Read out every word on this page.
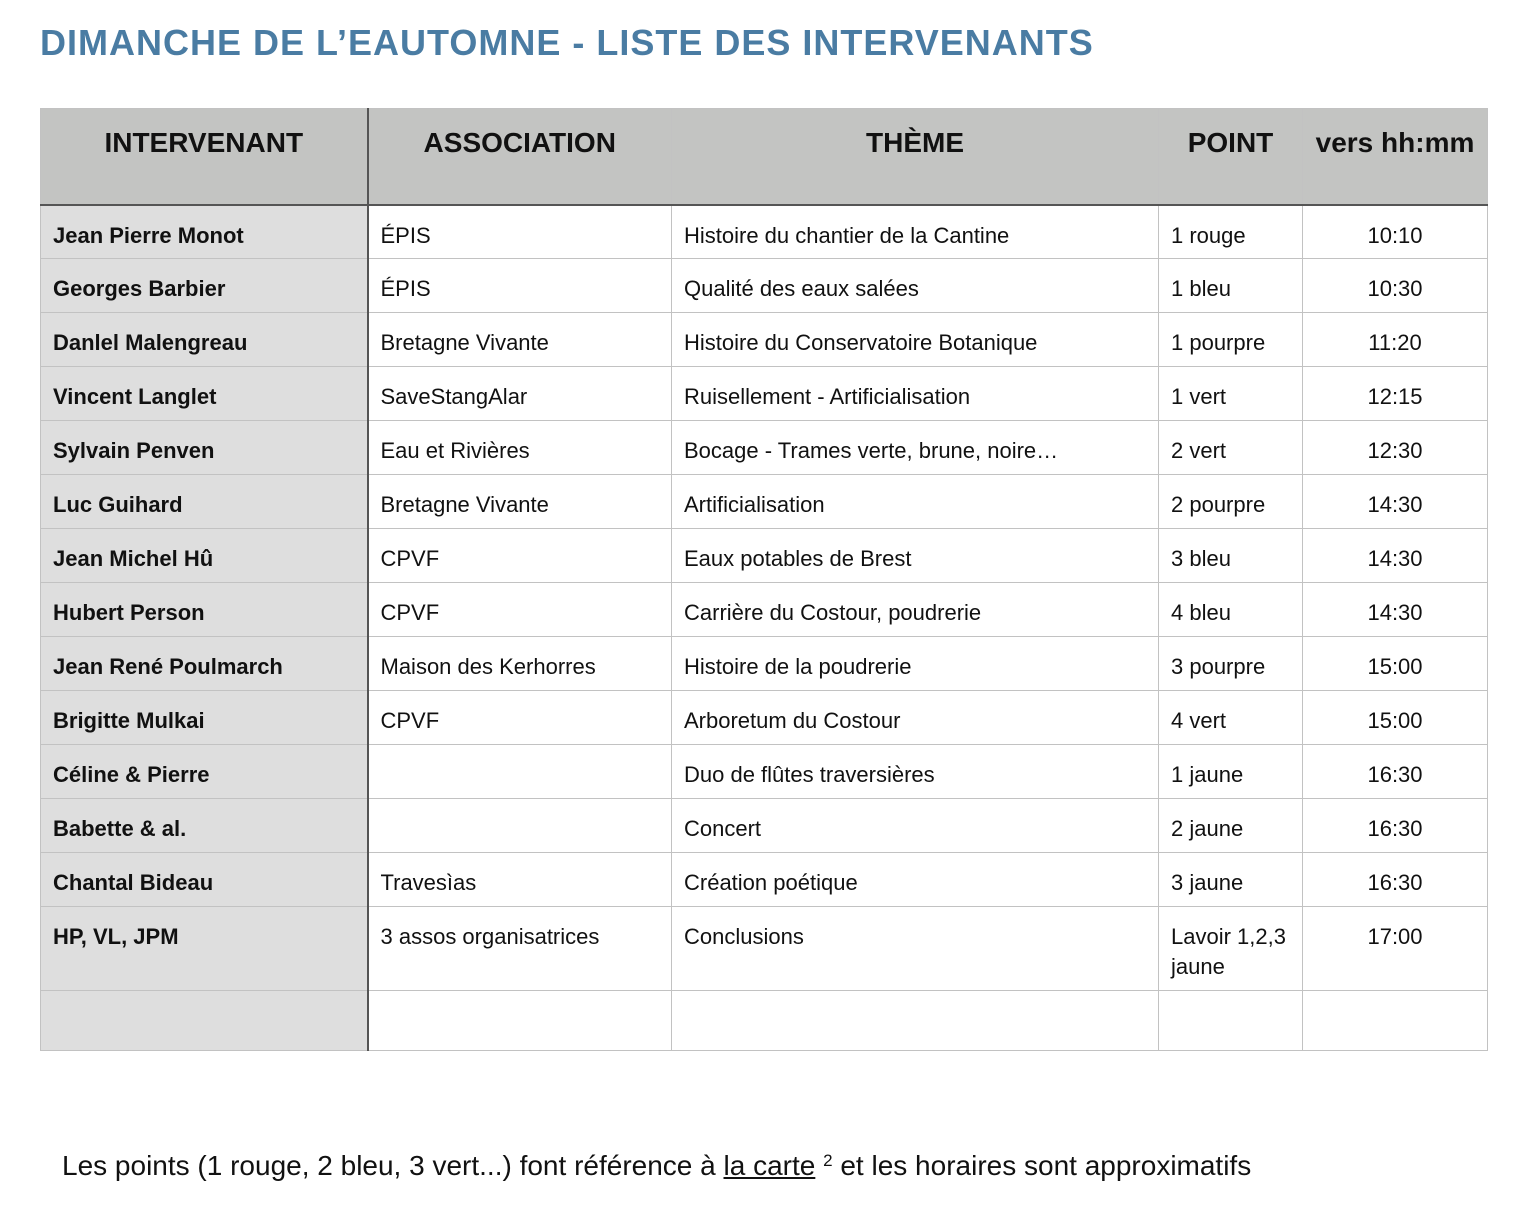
DIMANCHE DE L’EAUTOMNE - LISTE DES INTERVENANTS
INTERVENANT	ASSOCIATION	THÈME	POINT	vers hh:mm
Jean Pierre Monot	ÉPIS	Histoire du chantier de la Cantine	1 rouge	10:10
Georges Barbier	ÉPIS	Qualité des eaux salées	1 bleu	10:30
Danlel Malengreau	Bretagne Vivante	Histoire du Conservatoire Botanique	1 pourpre	11:20
Vincent Langlet	SaveStangAlar	Ruisellement - Artificialisation	1 vert	12:15
Sylvain Penven	Eau et Rivières	Bocage - Trames verte, brune, noire…	2 vert	12:30
Luc Guihard	Bretagne Vivante	Artificialisation	2 pourpre	14:30
Jean Michel Hû	CPVF	Eaux potables de Brest	3 bleu	14:30
Hubert Person	CPVF	Carrière du Costour, poudrerie	4 bleu	14:30
Jean René Poulmarch	Maison des Kerhorres	Histoire de la poudrerie	3 pourpre	15:00
Brigitte Mulkai	CPVF	Arboretum du Costour	4 vert	15:00
Céline & Pierre		Duo de flûtes traversières	1 jaune	16:30
Babette & al.		Concert	2 jaune	16:30
Chantal Bideau	Travesìas	Création poétique	3 jaune	16:30
HP, VL, JPM	3 assos organisatrices	Conclusions	Lavoir 1,2,3 jaune	17:00

Les points (1 rouge, 2 bleu, 3 vert...) font référence à la carte $^2$ et les horaires sont approximatifs
